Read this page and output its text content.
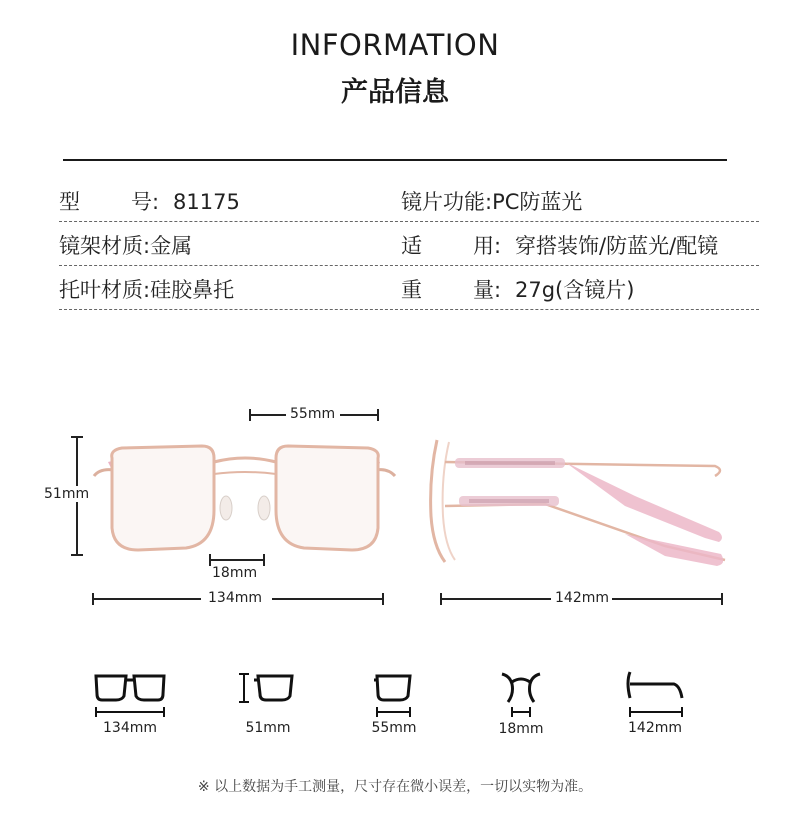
INFORMATION
产品信息
型 号: 81175	镜片功能:PC防蓝光
镜架材质:金属	适 用: 穿搭装饰/防蓝光/配镜
托叶材质:硅胶鼻托	重 量: 27g(含镜片)
55mm
51mm
18mm
134mm	142mm
134mm	51mm	55mm	18mm	142mm
※ 以上数据为手工测量，尺寸存在微小误差，一切以实物为准。
